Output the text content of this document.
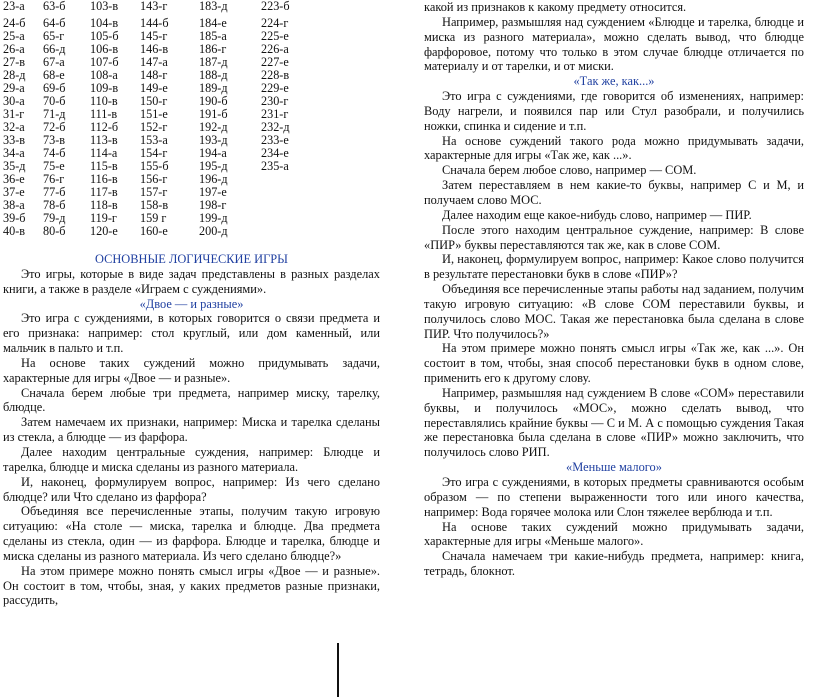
23-а	63-б	103-в	143-г	183-д	223-б
24-б	64-б	104-в	144-б	184-е	224-г
25-а	65-г	105-б	145-г	185-а	225-е
26-а	66-д	106-в	146-в	186-г	226-а
27-в	67-а	107-б	147-а	187-д	227-е
28-д	68-е	108-а	148-г	188-д	228-в
29-а	69-б	109-в	149-е	189-д	229-е
30-а	70-б	110-в	150-г	190-б	230-г
31-г	71-д	111-в	151-е	191-б	231-г
32-а	72-б	112-б	152-г	192-д	232-д
33-в	73-в	113-в	153-а	193-д	233-е
34-а	74-б	114-а	154-г	194-а	234-е
35-д	75-е	115-в	155-б	195-д	235-а
36-е	76-г	116-в	156-г	196-д	
37-е	77-б	117-в	157-г	197-е	
38-а	78-б	118-в	158-в	198-г	
39-б	79-д	119-г	159 г	199-д	
40-в	80-б	120-е	160-е	200-д	
ОСНОВНЫЕ ЛОГИЧЕСКИЕ ИГРЫ

Это игры, которые в виде задач представлены в разных разделах книги, а также в разделе «Играем с суждениями».

«Двое — и разные»

Это игра с суждениями, в которых говорится о связи предмета и его признака: например: стол круглый, или дом каменный, или мальчик в пальто и т.п.

На основе таких суждений можно придумывать задачи, характерные для игры «Двое — и разные».

Сначала берем любые три предмета, например миску, тарелку, блюдце.

Затем намечаем их признаки, например: Миска и тарелка сделаны из стекла, а блюдце — из фарфора.

Далее находим центральные суждения, например: Блюдце и тарелка, блюдце и миска сделаны из разного материала.

И, наконец, формулируем вопрос, например: Из чего сделано блюдце? или Что сделано из фарфора?

Объединяя все перечисленные этапы, получим такую игровую ситуацию: «На столе — миска, тарелка и блюдце. Два предмета сделаны из стекла, один — из фарфора. Блюдце и тарелка, блюдце и миска сделаны из разного материала. Из чего сделано блюдце?»

На этом примере можно понять смысл игры «Двое — и разные». Он состоит в том, чтобы, зная, у каких предметов разные признаки, рассудить,

какой из признаков к какому предмету относится.

Например, размышляя над суждением «Блюдце и тарелка, блюдце и миска из разного материала», можно сделать вывод, что блюдце фарфоровое, потому что только в этом случае блюдце отличается по материалу и от тарелки, и от миски.

«Так же, как...»

Это игра с суждениями, где говорится об изменениях, например: Воду нагрели, и появился пар или Стул разобрали, и получились ножки, спинка и сидение и т.п.

На основе суждений такого рода можно придумывать задачи, характерные для игры «Так же, как ...».

Сначала берем любое слово, например — СОМ.

Затем переставляем в нем какие-то буквы, например С и М, и получаем слово МОС.

Далее находим еще какое-нибудь слово, например — ПИР.

После этого находим центральное суждение, например: В слове «ПИР» буквы переставляются так же, как в слове СОМ.

И, наконец, формулируем вопрос, например: Какое слово получится в результате перестановки букв в слове «ПИР»?

Объединяя все перечисленные этапы работы над заданием, получим такую игровую ситуацию: «В слове СОМ переставили буквы, и получилось слово МОС. Такая же перестановка была сделана в слове ПИР. Что получилось?»

На этом примере можно понять смысл игры «Так же, как ...». Он состоит в том, чтобы, зная способ перестановки букв в одном слове, применить его к другому слову.

Например, размышляя над суждением В слове «СОМ» переставили буквы, и получилось «МОС», можно сделать вывод, что переставлялись крайние буквы — С и М. А с помощью суждения Такая же перестановка была сделана в слове «ПИР» можно заключить, что получилось слово РИП.

«Меньше малого»

Это игра с суждениями, в которых предметы сравниваются особым образом — по степени выраженности того или иного качества, например: Вода горячее молока или Слон тяжелее верблюда и т.п.

На основе таких суждений можно придумывать задачи, характерные для игры «Меньше малого».

Сначала намечаем три какие-нибудь предмета, например: книга, тетрадь, блокнот.
